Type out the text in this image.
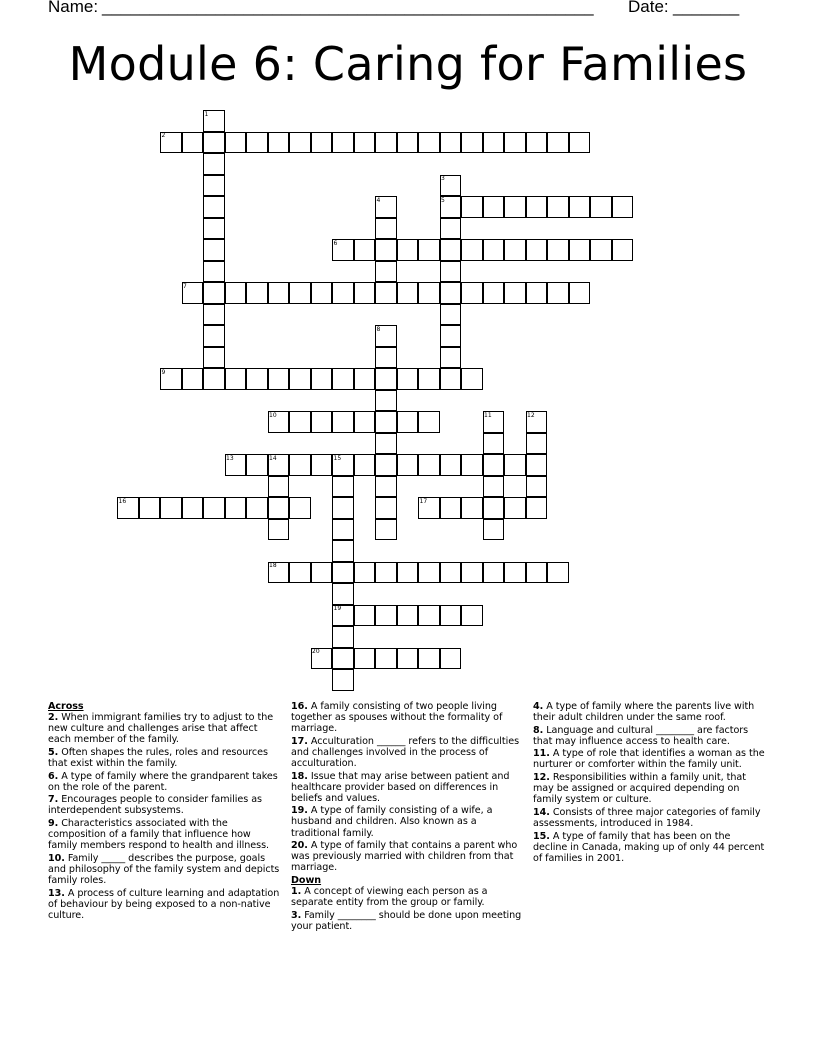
Name: ____________________________________________________ Date: _______
Module 6: Caring for Families
1
2
3
4	5
6
7
8
9
10	11	12
13	14	15
16	17
18
19
20
Across
2. When immigrant families try to adjust to the new culture and challenges arise that affect each member of the family.
5. Often shapes the rules, roles and resources that exist within the family.
6. A type of family where the grandparent takes on the role of the parent.
7. Encourages people to consider families as interdependent subsystems.
9. Characteristics associated with the composition of a family that influence how family members respond to health and illness.
10. Family _____ describes the purpose, goals and philosophy of the family system and depicts family roles.
13. A process of culture learning and adaptation of behaviour by being exposed to a non-native culture.
16. A family consisting of two people living together as spouses without the formality of marriage.
17. Acculturation ______ refers to the difficulties and challenges involved in the process of acculturation.
18. Issue that may arise between patient and healthcare provider based on differences in beliefs and values.
19. A type of family consisting of a wife, a husband and children. Also known as a traditional family.
20. A type of family that contains a parent who was previously married with children from that marriage.
Down
1. A concept of viewing each person as a separate entity from the group or family.
3. Family ________ should be done upon meeting your patient.
4. A type of family where the parents live with their adult children under the same roof.
8. Language and cultural ________ are factors that may influence access to health care.
11. A type of role that identifies a woman as the nurturer or comforter within the family unit.
12. Responsibilities within a family unit, that may be assigned or acquired depending on family system or culture.
14. Consists of three major categories of family assessments, introduced in 1984.
15. A type of family that has been on the decline in Canada, making up of only 44 percent of families in 2001.
